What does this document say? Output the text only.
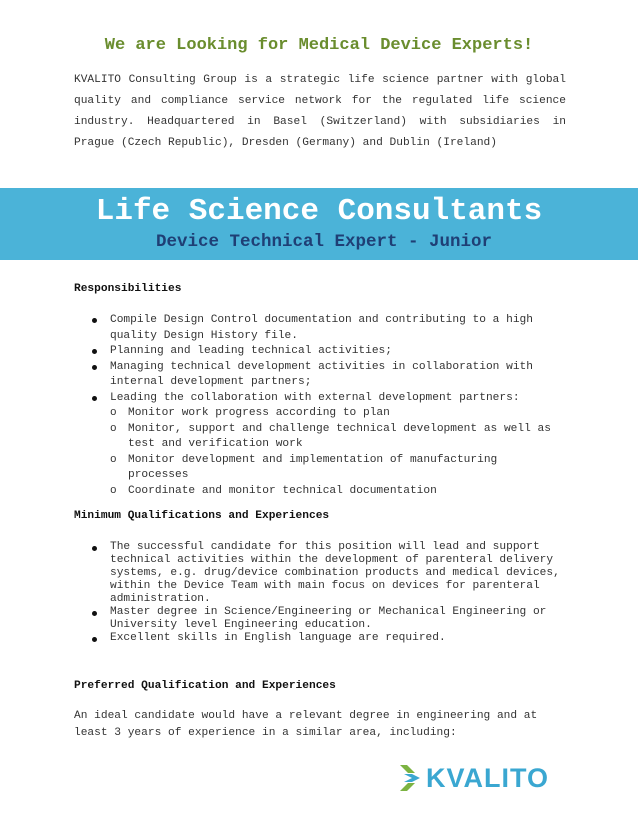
We are Looking for Medical Device Experts!
KVALITO Consulting Group is a strategic life science partner with global quality and compliance service network for the regulated life science industry. Headquartered in Basel (Switzerland) with subsidiaries in Prague (Czech Republic), Dresden (Germany) and Dublin (Ireland)
Life Science Consultants
Device Technical Expert - Junior
Responsibilities
Compile Design Control documentation and contributing to a high quality Design History file.
Planning and leading technical activities;
Managing technical development activities in collaboration with internal development partners;
Leading the collaboration with external development partners:
o Monitor work progress according to plan
o Monitor, support and challenge technical development as well as test and verification work
o Monitor development and implementation of manufacturing processes
o Coordinate and monitor technical documentation
Minimum Qualifications and Experiences
The successful candidate for this position will lead and support technical activities within the development of parenteral delivery systems, e.g. drug/device combination products and medical devices, within the Device Team with main focus on devices for parenteral administration.
Master degree in Science/Engineering or Mechanical Engineering or University level Engineering education.
Excellent skills in English language are required.
Preferred Qualification and Experiences
An ideal candidate would have a relevant degree in engineering and at least 3 years of experience in a similar area, including:
KVALITO
